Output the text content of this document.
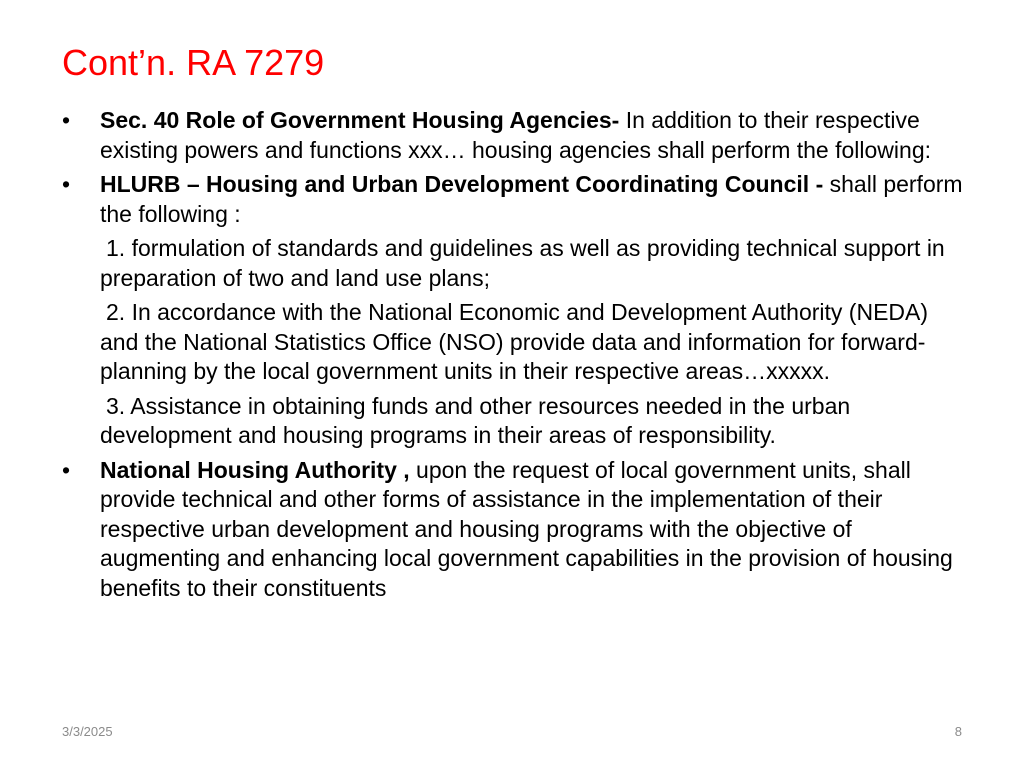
Cont’n. RA 7279
• Sec. 40 Role of Government Housing Agencies- In addition to their respective existing powers and functions xxx… housing agencies shall perform the following:
• HLURB – Housing and Urban Development Coordinating Council - shall perform the following :
1. formulation of standards and guidelines as well as providing technical support in preparation of two and land use plans;
2. In accordance with the National Economic and Development Authority (NEDA) and the National Statistics Office (NSO) provide data and information for forward-planning by the local government units in their respective areas…xxxxx.
3. Assistance in obtaining funds and other resources needed in the urban development and housing programs in their areas of responsibility.
• National Housing Authority , upon the request of local government units, shall provide technical and other forms of assistance in the implementation of their respective urban development and housing programs with the objective of augmenting and enhancing local government capabilities in the provision of housing benefits to their constituents
3/3/2025	8
